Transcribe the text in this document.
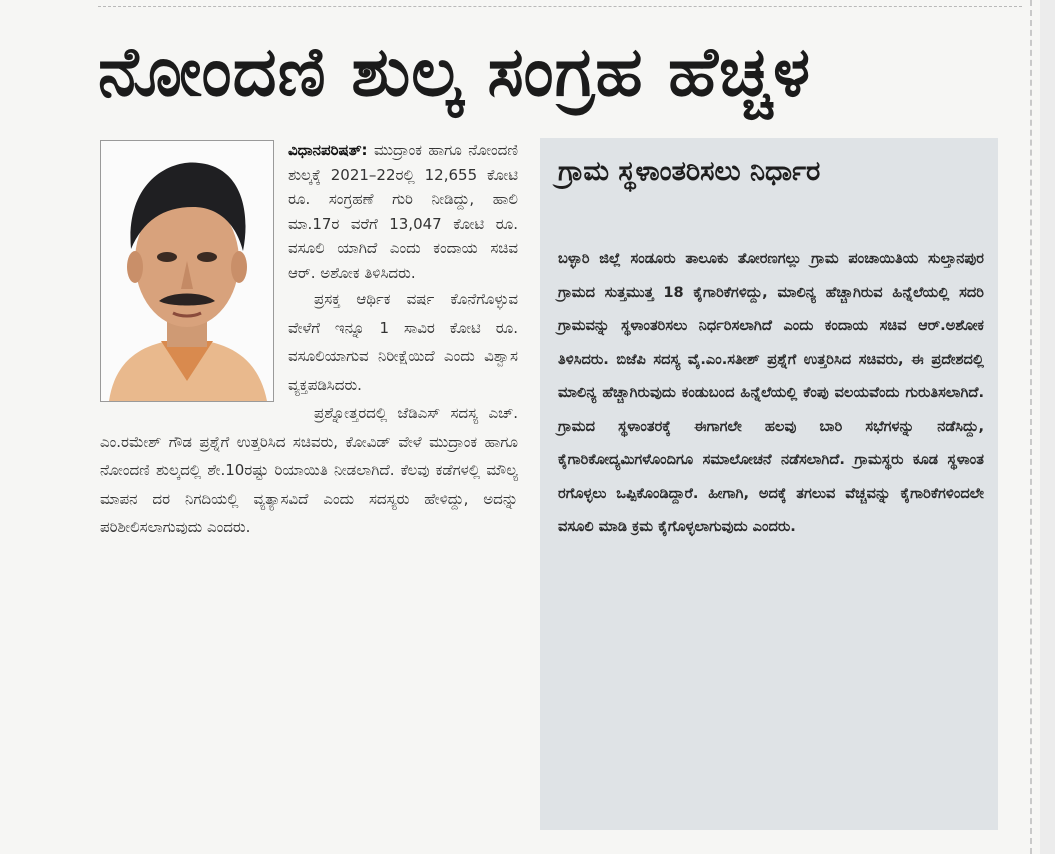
ನೋಂದಣಿ ಶುಲ್ಕ ಸಂಗ್ರಹ ಹೆಚ್ಚಳ

ವಿಧಾನಪರಿಷತ್: ಮುದ್ರಾಂಕ ಹಾಗೂ ನೋಂದಣಿ ಶುಲ್ಕಕ್ಕೆ 2021–22ರಲ್ಲಿ 12,655 ಕೋಟಿ ರೂ. ಸಂಗ್ರಹಣೆ ಗುರಿ ನೀಡಿದ್ದು, ಹಾಲಿ ಮಾ.17ರ ವರೆಗೆ 13,047 ಕೋಟಿ ರೂ. ವಸೂಲಿ ಯಾಗಿದೆ ಎಂದು ಕಂದಾಯ ಸಚಿವ ಆರ್. ಅಶೋಕ ತಿಳಿಸಿದರು.

ಪ್ರಸಕ್ತ ಆರ್ಥಿಕ ವರ್ಷ ಕೊನೆಗೊಳ್ಳುವ ವೇಳೆಗೆ ಇನ್ನೂ 1 ಸಾವಿರ ಕೋಟಿ ರೂ. ವಸೂಲಿಯಾಗುವ ನಿರೀಕ್ಷೆಯಿದೆ ಎಂದು ವಿಶ್ವಾಸ ವ್ಯಕ್ತಪಡಿಸಿದರು.

ಪ್ರಶ್ನೋತ್ತರದಲ್ಲಿ ಜೆಡಿಎಸ್ ಸದಸ್ಯ ಎಚ್. ಎಂ.ರಮೇಶ್ ಗೌಡ ಪ್ರಶ್ನೆಗೆ ಉತ್ತರಿಸಿದ ಸಚಿವರು, ಕೋವಿಡ್ ವೇಳೆ ಮುದ್ರಾಂಕ ಹಾಗೂ ನೋಂದಣಿ ಶುಲ್ಕದಲ್ಲಿ ಶೇ.10ರಷ್ಟು ರಿಯಾಯಿತಿ ನೀಡಲಾಗಿದೆ. ಕೆಲವು ಕಡೆಗಳಲ್ಲಿ ಮೌಲ್ಯ ಮಾಪನ ದರ ನಿಗದಿಯಲ್ಲಿ ವ್ಯತ್ಯಾಸವಿದೆ ಎಂದು ಸದಸ್ಯರು ಹೇಳಿದ್ದು, ಅದನ್ನು ಪರಿಶೀಲಿಸಲಾಗುವುದು ಎಂದರು.

ಗ್ರಾಮ ಸ್ಥಳಾಂತರಿಸಲು ನಿರ್ಧಾರ

ಬಳ್ಳಾರಿ ಜಿಲ್ಲೆ ಸಂಡೂರು ತಾಲೂಕು ತೋರಣಗಲ್ಲು ಗ್ರಾಮ ಪಂಚಾಯಿತಿಯ ಸುಲ್ತಾನಪುರ ಗ್ರಾಮದ ಸುತ್ತಮುತ್ತ 18 ಕೈಗಾರಿಕೆಗಳಿದ್ದು, ಮಾಲಿನ್ಯ ಹೆಚ್ಚಾಗಿರುವ ಹಿನ್ನೆಲೆಯಲ್ಲಿ ಸದರಿ ಗ್ರಾಮವನ್ನು ಸ್ಥಳಾಂತರಿಸಲು ನಿರ್ಧರಿಸಲಾಗಿದೆ ಎಂದು ಕಂದಾಯ ಸಚಿವ ಆರ್.ಅಶೋಕ ತಿಳಿಸಿದರು. ಬಿಜೆಪಿ ಸದಸ್ಯ ವೈ.ಎಂ.ಸತೀಶ್ ಪ್ರಶ್ನೆಗೆ ಉತ್ತರಿಸಿದ ಸಚಿವರು, ಈ ಪ್ರದೇಶದಲ್ಲಿ ಮಾಲಿನ್ಯ ಹೆಚ್ಚಾಗಿರುವುದು ಕಂಡುಬಂದ ಹಿನ್ನೆಲೆಯಲ್ಲಿ ಕೆಂಪು ವಲಯವೆಂದು ಗುರುತಿಸಲಾಗಿದೆ. ಗ್ರಾಮದ ಸ್ಥಳಾಂತರಕ್ಕೆ ಈಗಾಗಲೇ ಹಲವು ಬಾರಿ ಸಭೆಗಳನ್ನು ನಡೆಸಿದ್ದು, ಕೈಗಾರಿಕೋದ್ಯಮಿಗಳೊಂದಿಗೂ ಸಮಾಲೋಚನೆ ನಡೆಸಲಾಗಿದೆ. ಗ್ರಾಮಸ್ಥರು ಕೂಡ ಸ್ಥಳಾಂತ ರಗೊಳ್ಳಲು ಒಪ್ಪಿಕೊಂಡಿದ್ದಾರೆ. ಹೀಗಾಗಿ, ಅದಕ್ಕೆ ತಗಲುವ ವೆಚ್ಚವನ್ನು ಕೈಗಾರಿಕೆಗಳಿಂದಲೇ ವಸೂಲಿ ಮಾಡಿ ಕ್ರಮ ಕೈಗೊಳ್ಳಲಾಗುವುದು ಎಂದರು.
